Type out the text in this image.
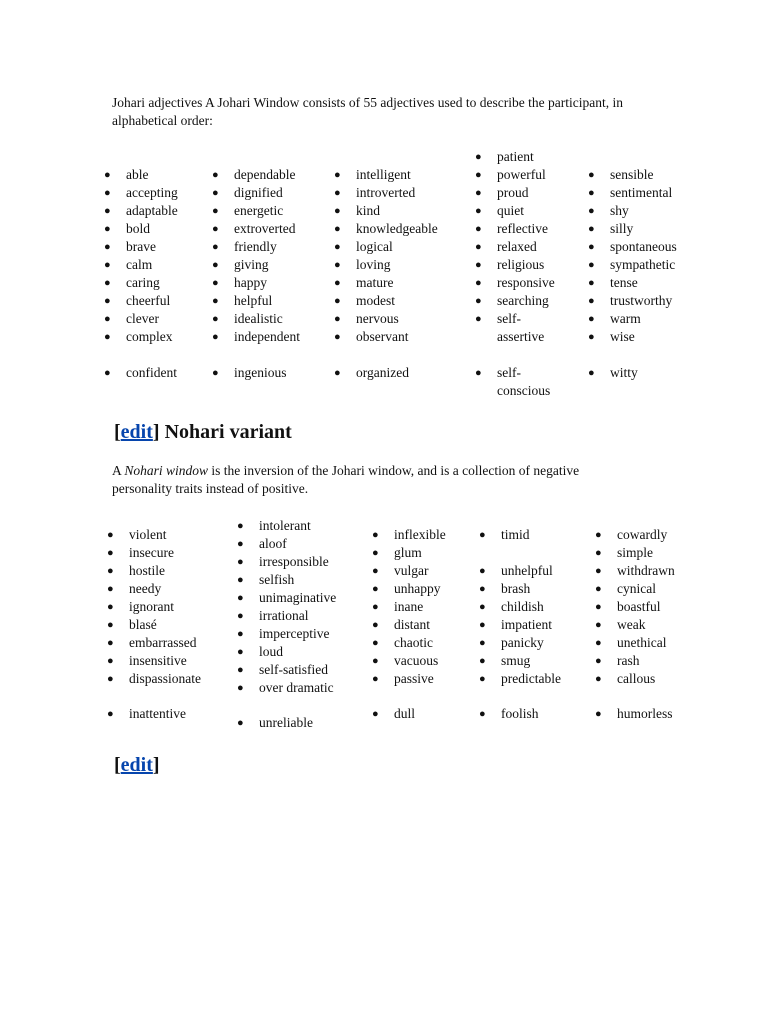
Johari adjectives A Johari Window consists of 55 adjectives used to describe the participant, in alphabetical order:

● able
● accepting
● adaptable
● bold
● brave
● calm
● caring
● cheerful
● clever
● complex
● confident
● dependable
● dignified
● energetic
● extroverted
● friendly
● giving
● happy
● helpful
● idealistic
● independent
● ingenious
● intelligent
● introverted
● kind
● knowledgeable
● logical
● loving
● mature
● modest
● nervous
● observant
● organized
● patient
● powerful
● proud
● quiet
● reflective
● relaxed
● religious
● responsive
● searching
● self-
assertive
● self-
conscious
● sensible
● sentimental
● shy
● silly
● spontaneous
● sympathetic
● tense
● trustworthy
● warm
● wise
● witty
[edit] Nohari variant

A Nohari window is the inversion of the Johari window, and is a collection of negative personality traits instead of positive.

● violent
● insecure
● hostile
● needy
● ignorant
● blasé
● embarrassed
● insensitive
● dispassionate
● inattentive
● intolerant
● aloof
● irresponsible
● selfish
● unimaginative
● irrational
● imperceptive
● loud
● self-satisfied
● over dramatic
● unreliable
● inflexible
● glum
● vulgar
● unhappy
● inane
● distant
● chaotic
● vacuous
● passive
● dull
● timid
● unhelpful
● brash
● childish
● impatient
● panicky
● smug
● predictable
● foolish
● cowardly
● simple
● withdrawn
● cynical
● boastful
● weak
● unethical
● rash
● callous
● humorless
[edit]
